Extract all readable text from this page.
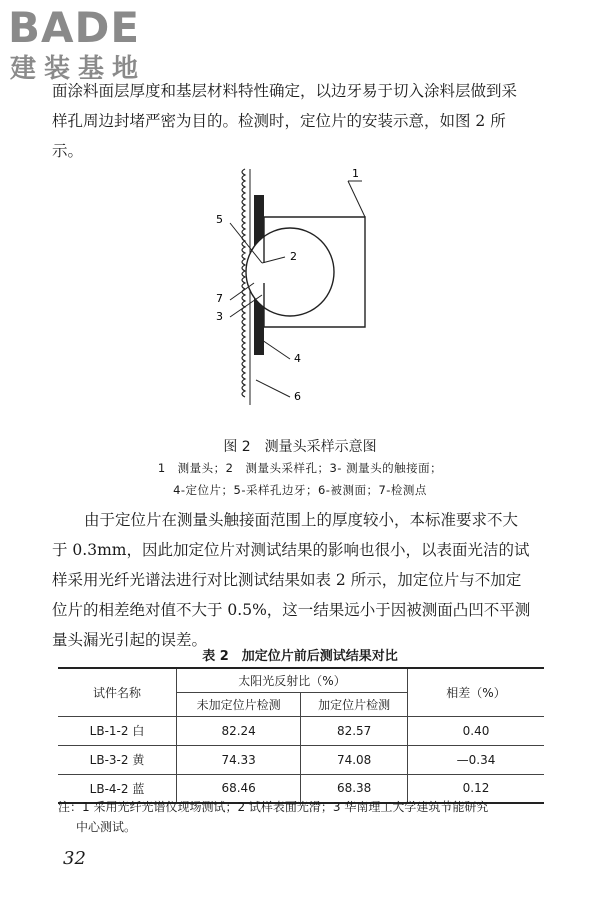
BADE
建装基地

面涂料面层厚度和基层材料特性确定，以边牙易于切入涂料层做到采样孔周边封堵严密为目的。检测时，定位片的安装示意，如图 2 所示。

1
2
5
7
3
4
6
图 2　测量头采样示意图
1　测量头；2　测量头采样孔；3- 测量头的触接面；
4-定位片；5-采样孔边牙；6-被测面；7-检测点

由于定位片在测量头触接面范围上的厚度较小，本标准要求不大于 0.3mm，因此加定位片对测试结果的影响也很小，以表面光洁的试样采用光纤光谱法进行对比测试结果如表 2 所示，加定位片与不加定位片的相差绝对值不大于 0.5%，这一结果远小于因被测面凸凹不平测量头漏光引起的误差。

表 2　加定位片前后测试结果对比
试件名称	太阳光反射比（%）		相差（%）
	未加定位片检测	加定位片检测	
LB-1-2 白	82.24	82.57	0.40
LB-3-2 黄	74.33	74.08	—0.34
LB-4-2 蓝	68.46	68.38	0.12
注：1 采用光纤光谱仪现场测试；2 试样表面光滑；3 华南理工大学建筑节能研究
中心测试。
32
